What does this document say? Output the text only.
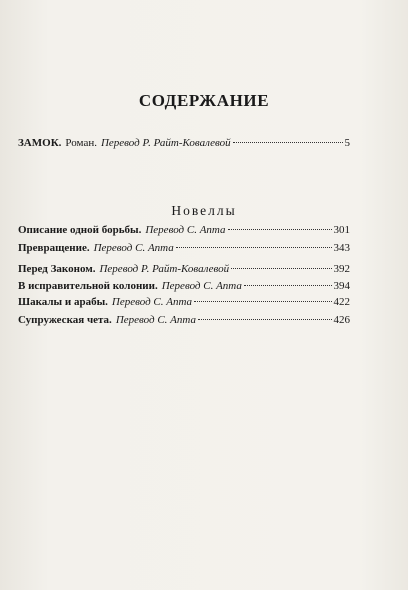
СОДЕРЖАНИЕ
ЗАМОК. Роман. Перевод Р. Райт-Ковалевой	5
Новеллы
Описание одной борьбы. Перевод С. Апта	301
Превращение. Перевод С. Апта	343
Перед Законом. Перевод Р. Райт-Ковалевой	392
В исправительной колонии. Перевод С. Апта	394
Шакалы и арабы. Перевод С. Апта	422
Супружеская чета. Перевод С. Апта	426
